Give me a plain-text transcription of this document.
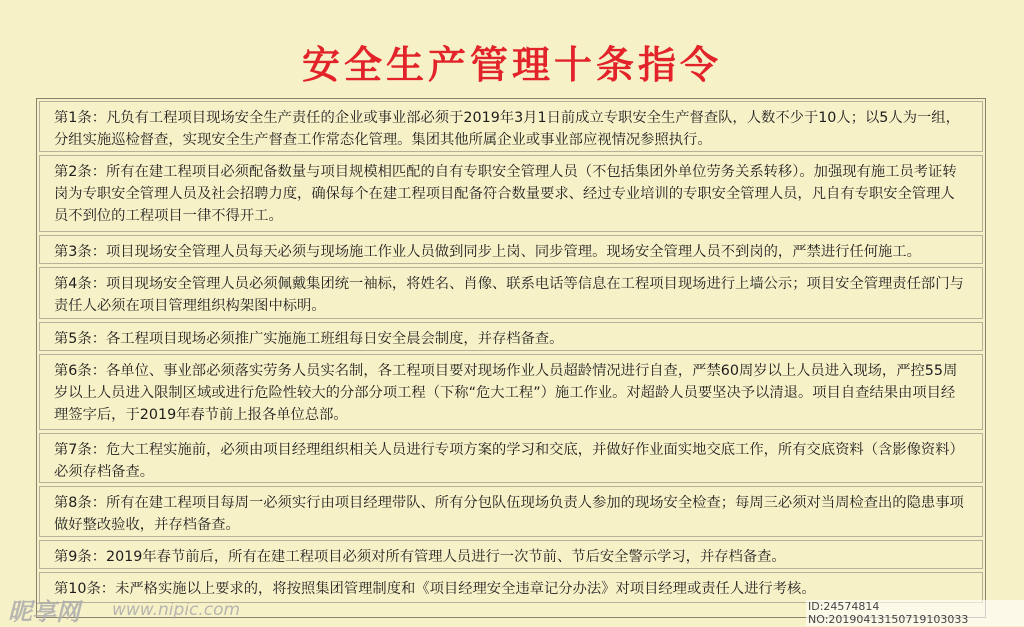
安全生产管理十条指令
第1条：凡负有工程项目现场安全生产责任的企业或事业部必须于2019年3月1日前成立专职安全生产督查队，人数不少于10人；以5人为一组，分组实施巡检督查，实现安全生产督查工作常态化管理。集团其他所属企业或事业部应视情况参照执行。
第2条：所有在建工程项目必须配备数量与项目规模相匹配的自有专职安全管理人员（不包括集团外单位劳务关系转移）。加强现有施工员考证转岗为专职安全管理人员及社会招聘力度，确保每个在建工程项目配备符合数量要求、经过专业培训的专职安全管理人员，凡自有专职安全管理人员不到位的工程项目一律不得开工。
第3条：项目现场安全管理人员每天必须与现场施工作业人员做到同步上岗、同步管理。现场安全管理人员不到岗的，严禁进行任何施工。
第4条：项目现场安全管理人员必须佩戴集团统一袖标，将姓名、肖像、联系电话等信息在工程项目现场进行上墙公示；项目安全管理责任部门与责任人必须在项目管理组织构架图中标明。
第5条：各工程项目现场必须推广实施施工班组每日安全晨会制度，并存档备查。
第6条：各单位、事业部必须落实劳务人员实名制，各工程项目要对现场作业人员超龄情况进行自查，严禁60周岁以上人员进入现场，严控55周岁以上人员进入限制区域或进行危险性较大的分部分项工程（下称“危大工程”）施工作业。对超龄人员要坚决予以清退。项目自查结果由项目经理签字后，于2019年春节前上报各单位总部。
第7条：危大工程实施前，必须由项目经理组织相关人员进行专项方案的学习和交底，并做好作业面实地交底工作，所有交底资料（含影像资料）必须存档备查。
第8条：所有在建工程项目每周一必须实行由项目经理带队、所有分包队伍现场负责人参加的现场安全检查；每周三必须对当周检查出的隐患事项做好整改验收，并存档备查。
第9条：2019年春节前后，所有在建工程项目必须对所有管理人员进行一次节前、节后安全警示学习，并存档备查。
第10条：未严格实施以上要求的，将按照集团管理制度和《项目经理安全违章记分办法》对项目经理或责任人进行考核。
昵享网 www.nipic.com	ID:24574814 NO:20190413150719103033
